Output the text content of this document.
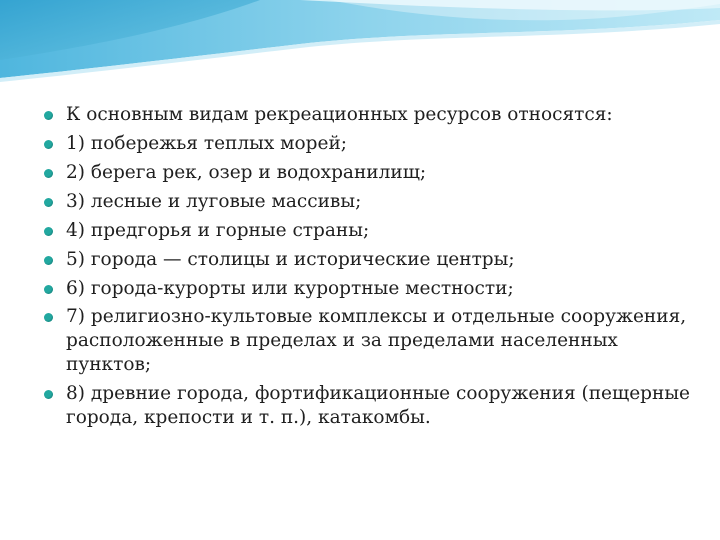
К основным видам рекреационных ресурсов относятся:
1) побережья теплых морей;
2) берега рек, озер и водохранилищ;
3) лесные и луговые массивы;
4) предгорья и горные страны;
5) города — столицы и исторические центры;
6) города-курорты или курортные местности;
7) религиозно-культовые комплексы и отдельные сооружения, расположенные в пределах и за пределами населенных пунктов;
8) древние города, фортификационные сооружения (пещерные города, крепости и т. п.), катакомбы.
